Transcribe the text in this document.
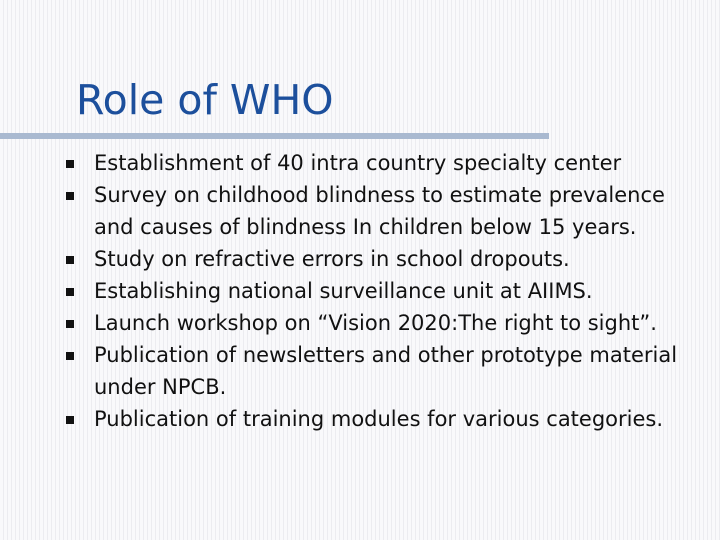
Role of WHO
Establishment of 40 intra country specialty center
Survey on childhood blindness to estimate prevalence and causes of blindness In children below 15 years.
Study on refractive errors in school dropouts.
Establishing national surveillance unit at AIIMS.
Launch workshop on “Vision 2020:The right to sight”.
Publication of newsletters and other prototype material under NPCB.
Publication of training modules for various categories.
